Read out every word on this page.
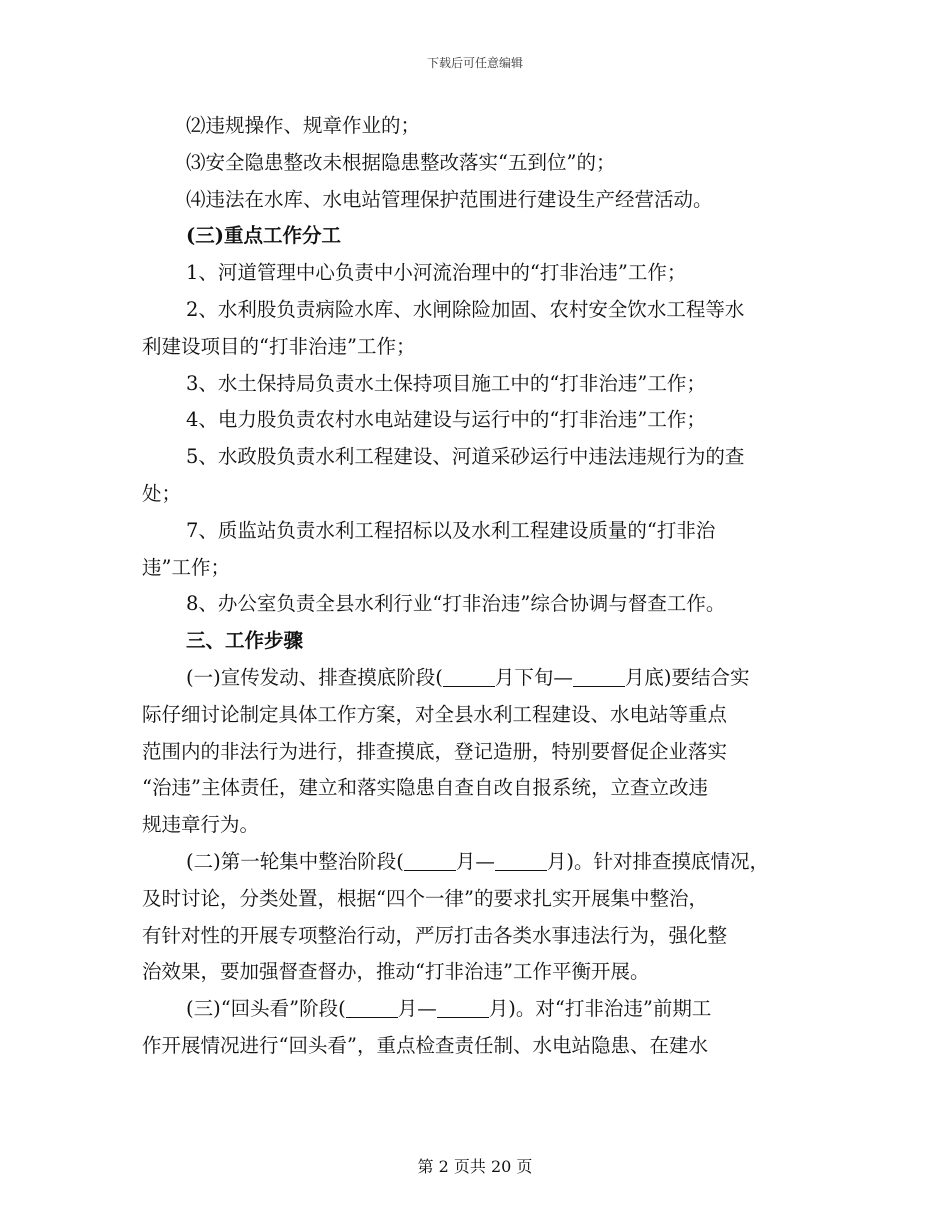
下载后可任意编辑
⑵违规操作、规章作业的；
⑶安全隐患整改未根据隐患整改落实“五到位”的；
⑷违法在水库、水电站管理保护范围进行建设生产经营活动。
(三)重点工作分工
1、河道管理中心负责中小河流治理中的“打非治违”工作；
2、水利股负责病险水库、水闸除险加固、农村安全饮水工程等水
利建设项目的“打非治违”工作；
3、水土保持局负责水土保持项目施工中的“打非治违”工作；
4、电力股负责农村水电站建设与运行中的“打非治违”工作；
5、水政股负责水利工程建设、河道采砂运行中违法违规行为的查
处；
7、质监站负责水利工程招标以及水利工程建设质量的“打非治
违”工作；
8、办公室负责全县水利行业“打非治违”综合协调与督查工作。
三、工作步骤
(一)宣传发动、排查摸底阶段(	月下旬—	月底)要结合实
际仔细讨论制定具体工作方案，对全县水利工程建设、水电站等重点
范围内的非法行为进行，排查摸底，登记造册，特别要督促企业落实
“治违”主体责任，建立和落实隐患自查自改自报系统，立查立改违
规违章行为。
(二)第一轮集中整治阶段(	月—	月)。针对排查摸底情况，
及时讨论，分类处置，根据“四个一律”的要求扎实开展集中整治，
有针对性的开展专项整治行动，严厉打击各类水事违法行为，强化整
治效果，要加强督查督办，推动“打非治违”工作平衡开展。
(三)“回头看”阶段(	月—	月)。对“打非治违”前期工
作开展情况进行“回头看”，重点检查责任制、水电站隐患、在建水
第 2 页共 20 页
